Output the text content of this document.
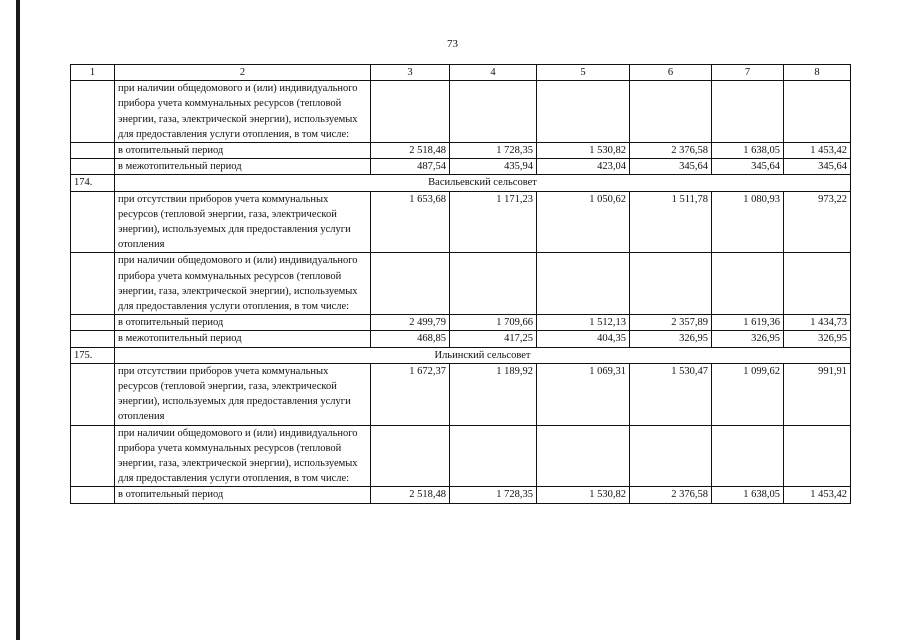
73
1	2	3	4	5	6	7	8
	при наличии общедомового и (или) индивидуального прибора учета коммунальных ресурсов (тепловой энергии, газа, электрической энергии), используемых для предоставления услуги отопления, в том числе:						
	в отопительный период	2 518,48	1 728,35	1 530,82	2 376,58	1 638,05	1 453,42
	в межотопительный период	487,54	435,94	423,04	345,64	345,64	345,64
174.	Васильевский сельсовет						
	при отсутствии приборов учета коммунальных ресурсов (тепловой энергии, газа, электрической энергии), используемых для предоставления услуги отопления	1 653,68	1 171,23	1 050,62	1 511,78	1 080,93	973,22
	при наличии общедомового и (или) индивидуального прибора учета коммунальных ресурсов (тепловой энергии, газа, электрической энергии), используемых для предоставления услуги отопления, в том числе:						
	в отопительный период	2 499,79	1 709,66	1 512,13	2 357,89	1 619,36	1 434,73
	в межотопительный период	468,85	417,25	404,35	326,95	326,95	326,95
175.	Ильинский сельсовет						
	при отсутствии приборов учета коммунальных ресурсов (тепловой энергии, газа, электрической энергии), используемых для предоставления услуги отопления	1 672,37	1 189,92	1 069,31	1 530,47	1 099,62	991,91
	при наличии общедомового и (или) индивидуального прибора учета коммунальных ресурсов (тепловой энергии, газа, электрической энергии), используемых для предоставления услуги отопления, в том числе:						
	в отопительный период	2 518,48	1 728,35	1 530,82	2 376,58	1 638,05	1 453,42
